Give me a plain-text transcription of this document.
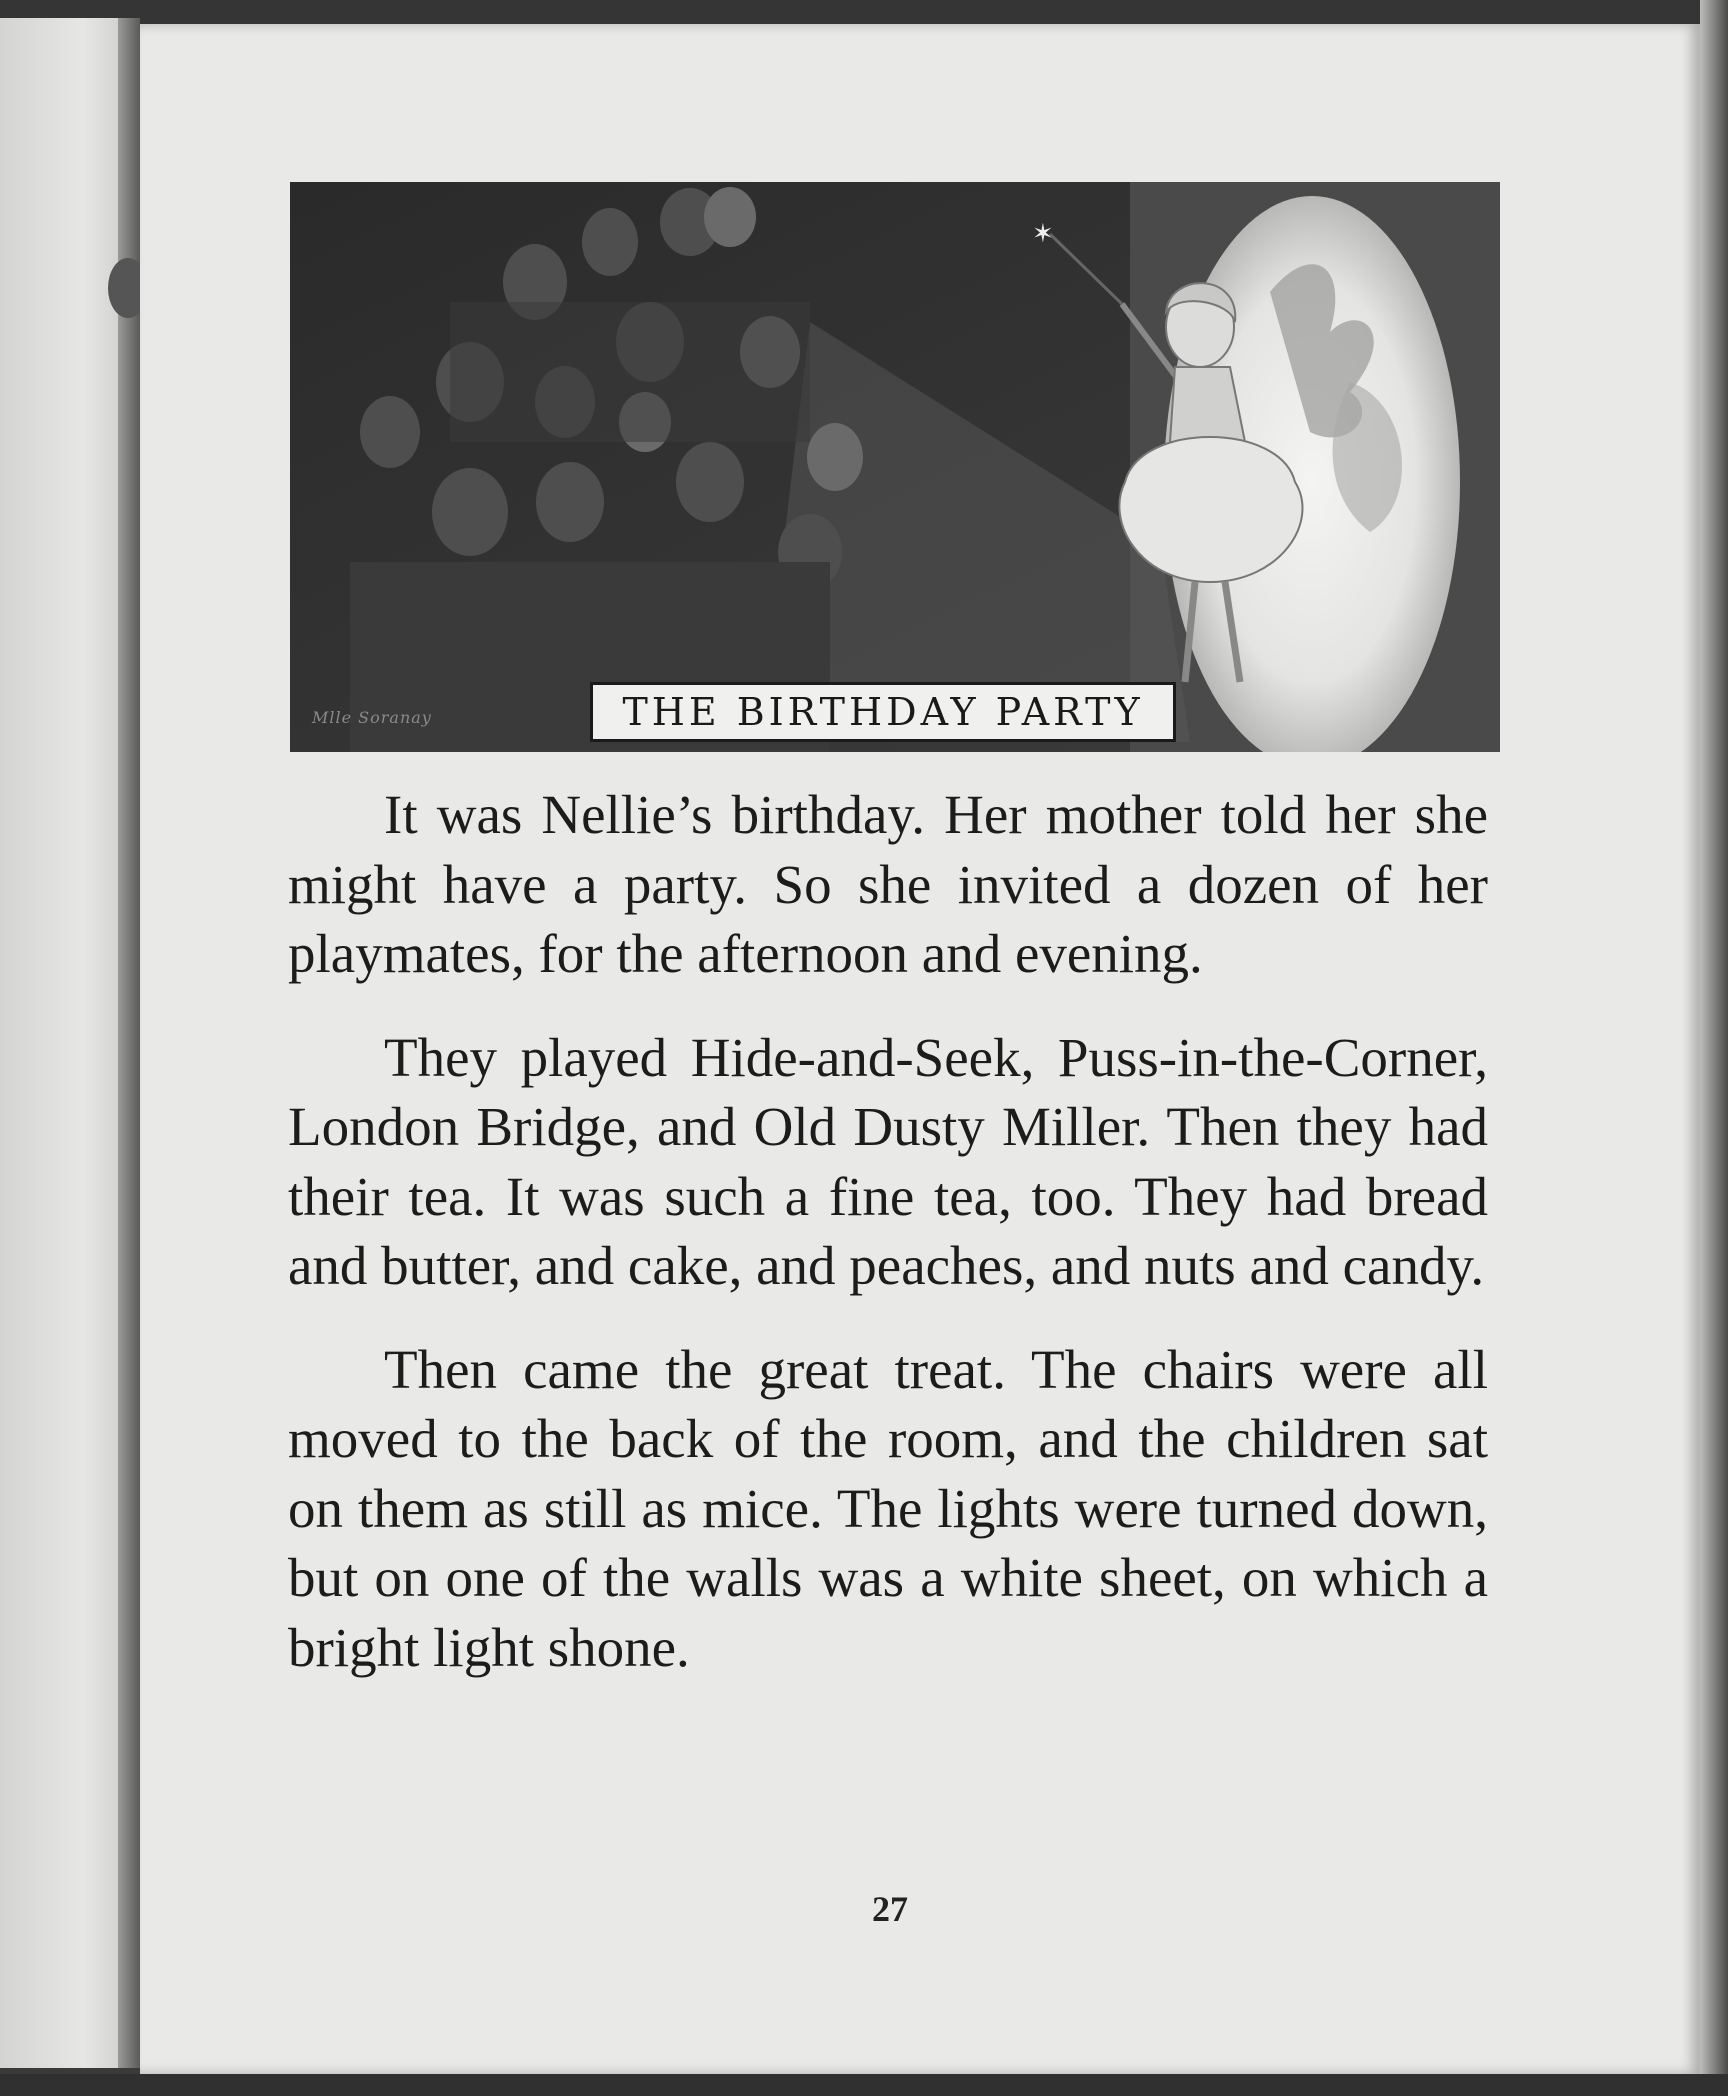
✶
Mlle Soranay	THE BIRTHDAY PARTY

It was Nellie’s birthday. Her mother told her she might have a party. So she invited a dozen of her playmates, for the afternoon and evening.

They played Hide-and-Seek, Puss-in-the-Corner, London Bridge, and Old Dusty Miller. Then they had their tea. It was such a fine tea, too. They had bread and butter, and cake, and peaches, and nuts and candy.

Then came the great treat. The chairs were all moved to the back of the room, and the children sat on them as still as mice. The lights were turned down, but on one of the walls was a white sheet, on which a bright light shone.

27
